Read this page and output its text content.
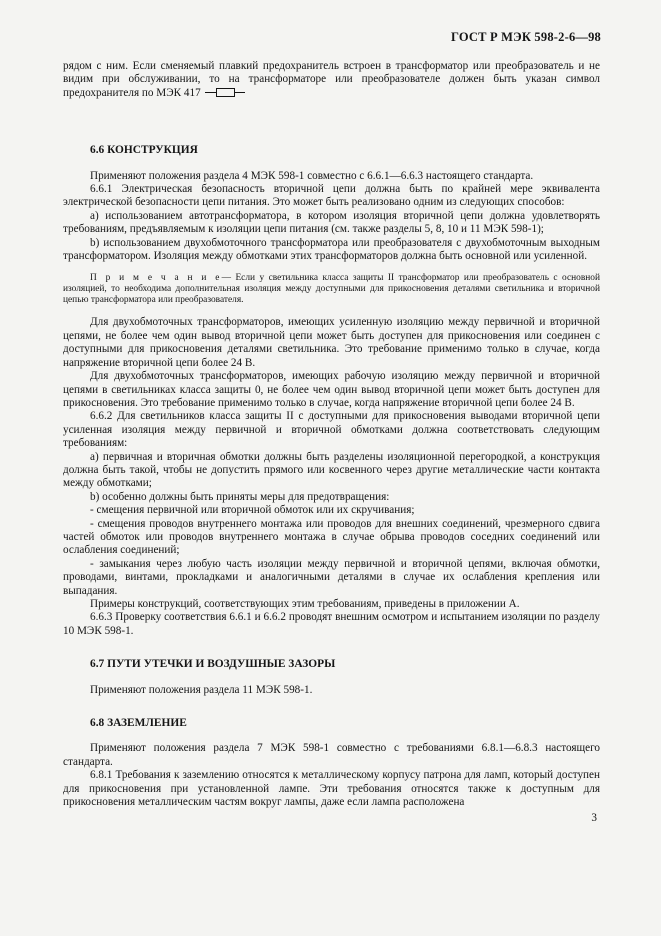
ГОСТ Р МЭК 598-2-6—98

рядом с ним. Если сменяемый плавкий предохранитель встроен в трансформатор или преобразователь и не видим при обслуживании, то на трансформаторе или преобразователе должен быть указан символ предохранителя по МЭК 417

6.6 КОНСТРУКЦИЯ

Применяют положения раздела 4 МЭК 598-1 совместно с 6.6.1—6.6.3 настоящего стандарта.

6.6.1 Электрическая безопасность вторичной цепи должна быть по крайней мере эквивалента электрической безопасности цепи питания. Это может быть реализовано одним из следующих способов:

а) использованием автотрансформатора, в котором изоляция вторичной цепи должна удовлетворять требованиям, предъявляемым к изоляции цепи питания (см. также разделы 5, 8, 10 и 11 МЭК 598-1);

b) использованием двухобмоточного трансформатора или преобразователя с двухобмоточным выходным трансформатором. Изоляция между обмотками этих трансформаторов должна быть основной или усиленной.

П р и м е ч а н и е— Если у светильника класса защиты II трансформатор или преобразователь с основной изоляцией, то необходима дополнительная изоляция между доступными для прикосновения деталями светильника и вторичной цепью трансформатора или преобразователя.

Для двухобмоточных трансформаторов, имеющих усиленную изоляцию между первичной и вторичной цепями, не более чем один вывод вторичной цепи может быть доступен для прикосновения или соединен с доступными для прикосновения деталями светильника. Это требование применимо только в случае, когда напряжение вторичной цепи более 24 В.

Для двухобмоточных трансформаторов, имеющих рабочую изоляцию между первичной и вторичной цепями в светильниках класса защиты 0, не более чем один вывод вторичной цепи может быть доступен для прикосновения. Это требование применимо только в случае, когда напряжение вторичной цепи более 24 В.

6.6.2 Для светильников класса защиты II с доступными для прикосновения выводами вторичной цепи усиленная изоляция между первичной и вторичной обмотками должна соответствовать следующим требованиям:

а) первичная и вторичная обмотки должны быть разделены изоляционной перегородкой, а конструкция должна быть такой, чтобы не допустить прямого или косвенного через другие металлические части контакта между обмотками;

b) особенно должны быть приняты меры для предотвращения:

- смещения первичной или вторичной обмоток или их скручивания;

- смещения проводов внутреннего монтажа или проводов для внешних соединений, чрезмерного сдвига частей обмоток или проводов внутреннего монтажа в случае обрыва проводов соседних соединений или ослабления соединений;

- замыкания через любую часть изоляции между первичной и вторичной цепями, включая обмотки, проводами, винтами, прокладками и аналогичными деталями в случае их ослабления крепления или выпадания.

Примеры конструкций, соответствующих этим требованиям, приведены в приложении А.

6.6.3 Проверку соответствия 6.6.1 и 6.6.2 проводят внешним осмотром и испытанием изоляции по разделу 10 МЭК 598-1.

6.7 ПУТИ УТЕЧКИ И ВОЗДУШНЫЕ ЗАЗОРЫ

Применяют положения раздела 11 МЭК 598-1.

6.8 ЗАЗЕМЛЕНИЕ

Применяют положения раздела 7 МЭК 598-1 совместно с требованиями 6.8.1—6.8.3 настоящего стандарта.

6.8.1 Требования к заземлению относятся к металлическому корпусу патрона для ламп, который доступен для прикосновения при установленной лампе. Эти требования относятся также к доступным для прикосновения металлическим частям вокруг лампы, даже если лампа расположена

3
